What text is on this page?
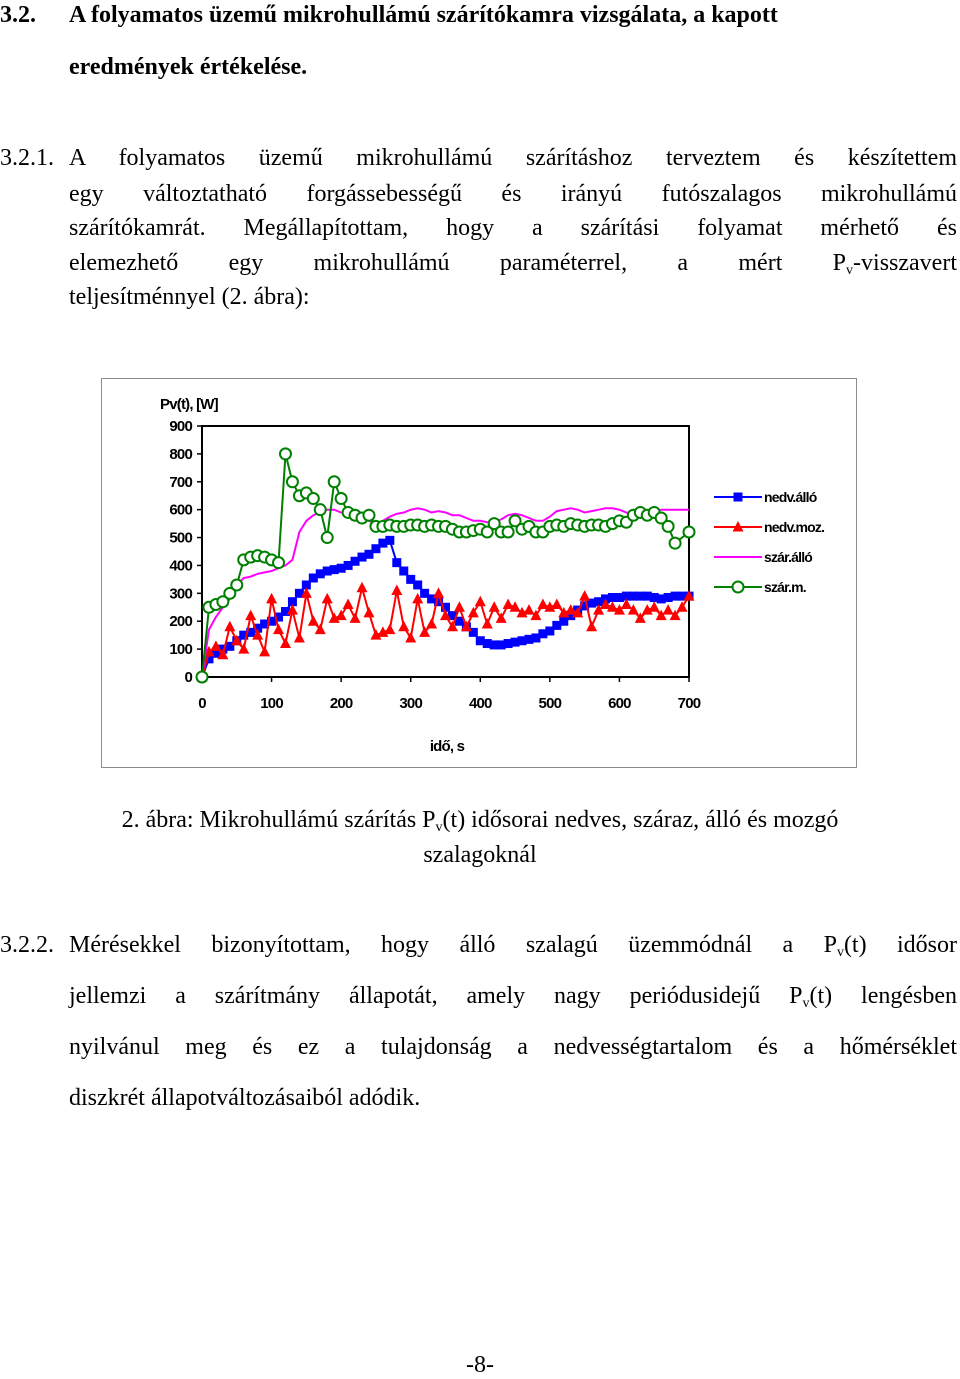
3.2. A folyamatos üzemű mikrohullámú szárítókamra vizsgálata, a kapott
eredmények értékelése.
3.2.1. A folyamatos üzemű mikrohullámú szárításhoz terveztem és készítettem
egy változtatható forgássebességű és irányú futószalagos mikrohullámú
szárítókamrát. Megállapítottam, hogy a szárítási folyamat mérhető és
elemezhető egy mikrohullámú paraméterrel, a mért $P_v$-visszavert
teljesítménnyel (2. ábra):
0
100
200
300
400
500
600
700
800
900
0	100	200	300	400	500	600	700
Pv(t), [W]
idő, s
nedv.álló
nedv.moz.
szár.álló
szár.m.
2. ábra: Mikrohullámú szárítás $P_v(t)$ idősorai nedves, száraz, álló és mozgó
szalagoknál
3.2.2. Mérésekkel bizonyítottam, hogy álló szalagú üzemmódnál a $P_v(t)$ idősor
jellemzi a szárítmány állapotát, amely nagy periódusidejű $P_v(t)$ lengésben
nyilvánul meg és ez a tulajdonság a nedvességtartalom és a hőmérséklet
diszkrét állapotváltozásaiból adódik.
-8-
